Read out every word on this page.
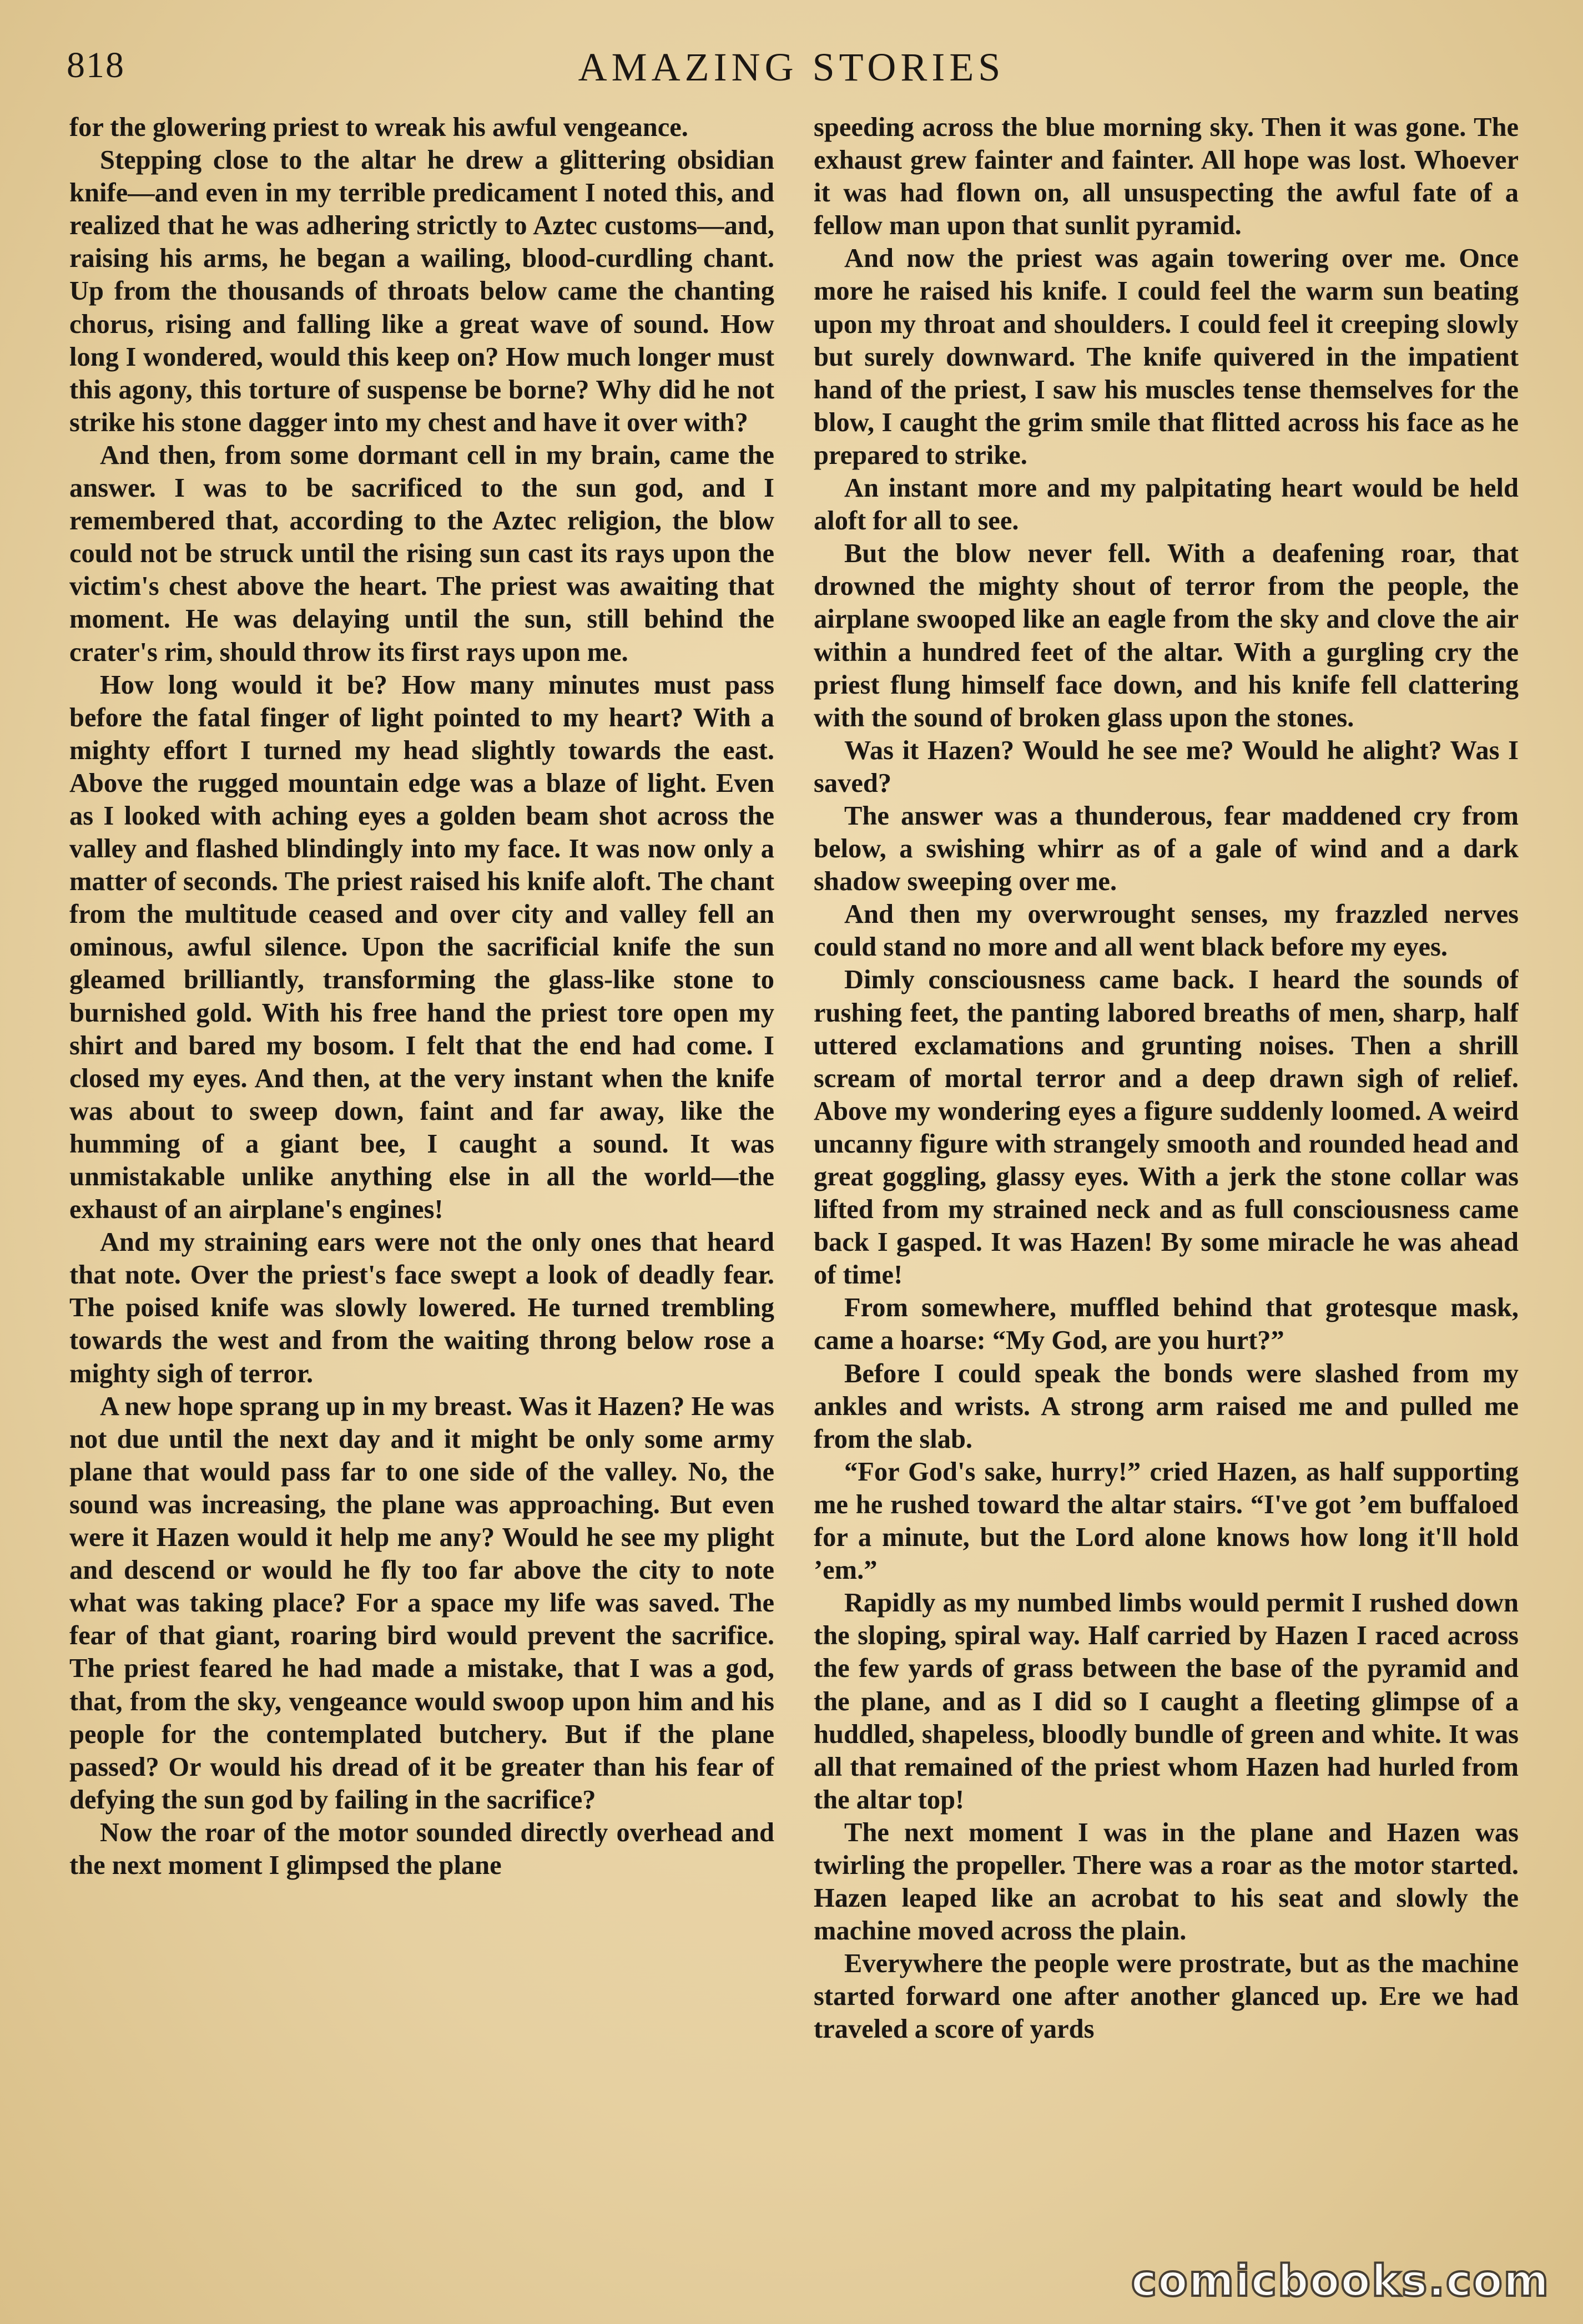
818	AMAZING STORIES

for the glowering priest to wreak his awful vengeance.

Stepping close to the altar he drew a glittering obsidian knife—and even in my terrible predicament I noted this, and realized that he was adhering strictly to Aztec customs—and, raising his arms, he began a wailing, blood-curdling chant. Up from the thousands of throats below came the chanting chorus, rising and falling like a great wave of sound. How long I wondered, would this keep on? How much longer must this agony, this torture of suspense be borne? Why did he not strike his stone dagger into my chest and have it over with?

And then, from some dormant cell in my brain, came the answer. I was to be sacrificed to the sun god, and I remembered that, according to the Aztec religion, the blow could not be struck until the rising sun cast its rays upon the victim's chest above the heart. The priest was awaiting that moment. He was delaying until the sun, still behind the crater's rim, should throw its first rays upon me.

How long would it be? How many minutes must pass before the fatal finger of light pointed to my heart? With a mighty effort I turned my head slightly towards the east. Above the rugged mountain edge was a blaze of light. Even as I looked with aching eyes a golden beam shot across the valley and flashed blindingly into my face. It was now only a matter of seconds. The priest raised his knife aloft. The chant from the multitude ceased and over city and valley fell an ominous, awful silence. Upon the sacrificial knife the sun gleamed brilliantly, transforming the glass-like stone to burnished gold. With his free hand the priest tore open my shirt and bared my bosom. I felt that the end had come. I closed my eyes. And then, at the very instant when the knife was about to sweep down, faint and far away, like the humming of a giant bee, I caught a sound. It was unmistakable unlike anything else in all the world—the exhaust of an airplane's engines!

And my straining ears were not the only ones that heard that note. Over the priest's face swept a look of deadly fear. The poised knife was slowly lowered. He turned trembling towards the west and from the waiting throng below rose a mighty sigh of terror.

A new hope sprang up in my breast. Was it Hazen? He was not due until the next day and it might be only some army plane that would pass far to one side of the valley. No, the sound was increasing, the plane was approaching. But even were it Hazen would it help me any? Would he see my plight and descend or would he fly too far above the city to note what was taking place? For a space my life was saved. The fear of that giant, roaring bird would prevent the sacrifice. The priest feared he had made a mistake, that I was a god, that, from the sky, vengeance would swoop upon him and his people for the contemplated butchery. But if the plane passed? Or would his dread of it be greater than his fear of defying the sun god by failing in the sacrifice?

Now the roar of the motor sounded directly overhead and the next moment I glimpsed the plane

speeding across the blue morning sky. Then it was gone. The exhaust grew fainter and fainter. All hope was lost. Whoever it was had flown on, all unsuspecting the awful fate of a fellow man upon that sunlit pyramid.

And now the priest was again towering over me. Once more he raised his knife. I could feel the warm sun beating upon my throat and shoulders. I could feel it creeping slowly but surely downward. The knife quivered in the impatient hand of the priest, I saw his muscles tense themselves for the blow, I caught the grim smile that flitted across his face as he prepared to strike.

An instant more and my palpitating heart would be held aloft for all to see.

But the blow never fell. With a deafening roar, that drowned the mighty shout of terror from the people, the airplane swooped like an eagle from the sky and clove the air within a hundred feet of the altar. With a gurgling cry the priest flung himself face down, and his knife fell clattering with the sound of broken glass upon the stones.

Was it Hazen? Would he see me? Would he alight? Was I saved?

The answer was a thunderous, fear maddened cry from below, a swishing whirr as of a gale of wind and a dark shadow sweeping over me.

And then my overwrought senses, my frazzled nerves could stand no more and all went black before my eyes.

Dimly consciousness came back. I heard the sounds of rushing feet, the panting labored breaths of men, sharp, half uttered exclamations and grunting noises. Then a shrill scream of mortal terror and a deep drawn sigh of relief. Above my wondering eyes a figure suddenly loomed. A weird uncanny figure with strangely smooth and rounded head and great goggling, glassy eyes. With a jerk the stone collar was lifted from my strained neck and as full consciousness came back I gasped. It was Hazen! By some miracle he was ahead of time!

From somewhere, muffled behind that grotesque mask, came a hoarse: “My God, are you hurt?”

Before I could speak the bonds were slashed from my ankles and wrists. A strong arm raised me and pulled me from the slab.

“For God's sake, hurry!” cried Hazen, as half supporting me he rushed toward the altar stairs. “I've got ’em buffaloed for a minute, but the Lord alone knows how long it'll hold ’em.”

Rapidly as my numbed limbs would permit I rushed down the sloping, spiral way. Half carried by Hazen I raced across the few yards of grass between the base of the pyramid and the plane, and as I did so I caught a fleeting glimpse of a huddled, shapeless, bloodly bundle of green and white. It was all that remained of the priest whom Hazen had hurled from the altar top!

The next moment I was in the plane and Hazen was twirling the propeller. There was a roar as the motor started. Hazen leaped like an acrobat to his seat and slowly the machine moved across the plain.

Everywhere the people were prostrate, but as the machine started forward one after another glanced up. Ere we had traveled a score of yards

comicbooks.com
